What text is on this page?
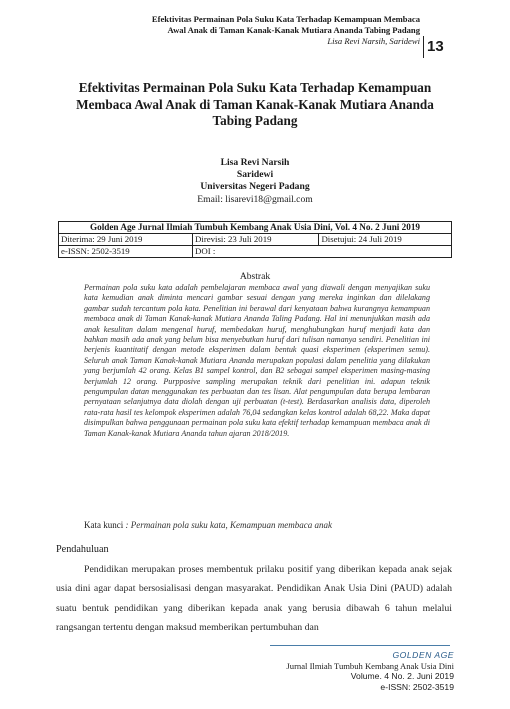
Efektivitas Permainan Pola Suku Kata Terhadap Kemampuan Membaca
Awal Anak di Taman Kanak-Kanak Mutiara Ananda Tabing Padang
Lisa Revi Narsih, Saridewi 13
Efektivitas Permainan Pola Suku Kata Terhadap Kemampuan Membaca Awal Anak di Taman Kanak-Kanak Mutiara Ananda Tabing Padang
Lisa Revi Narsih
Saridewi
Universitas Negeri Padang
Email: lisarevi18@gmail.com
Golden Age Jurnal Ilmiah Tumbuh Kembang Anak Usia Dini, Vol. 4 No. 2 Juni 2019		
Diterima: 29 Juni 2019	Direvisi: 23 Juli 2019	Disetujui: 24 Juli 2019
e-ISSN: 2502-3519	DOI :	
Abstrak

Permainan pola suku kata adalah pembelajaran membaca awal yang diawali dengan menyajikan suku kata kemudian anak diminta mencari gambar sesuai dengan yang mereka inginkan dan dilelakang gambar sudah tercantum pola kata. Penelitian ini berawal dari kenyataan bahwa kurangnya kemampuan membaca anak di Taman Kanak-kanak Mutiara Ananda Taling Padang. Hal ini menunjukkan masih ada anak kesulitan dalam mengenal huruf, membedakan huruf, menghubungkan huruf menjadi kata dan bahkan masih ada anak yang belum bisa menyebutkan huruf dari tulisan namanya sendiri. Penelitian ini berjenis kuantitatif dengan metode eksperimen dalam bentuk quasi eksperimen (eksperimen semu). Seluruh anak Taman Kanak-kanak Mutiara Ananda merupakan populasi dalam penelitia yang dilakukan yang berjumlah 42 orang. Kelas B1 sampel kontrol, dan B2 sebagai sampel eksperimen masing-masing berjumlah 12 orang. Purpposive sampling merupakan teknik dari penelitian ini. adapun teknik pengumpulan datan menggunakan tes perbuatan dan tes lisan. Alat pengumpulan data berupa lembaran pernyataan selanjutnya data diolah dengan uji perbuatan (t-test). Berdasarkan analisis data, diperoleh rata-rata hasil tes kelompok eksperimen adalah 76,04 sedangkan kelas kontrol adalah 68,22. Maka dapat disimpulkan bahwa penggunaan permainan pola suku kata efektif terhadap kemampuan membaca anak di Taman Kanak-kanak Mutiara Ananda tahun ajaran 2018/2019.

Kata kunci : Permainan pola suku kata, Kemampuan membaca anak
Pendahuluan

Pendidikan merupakan proses membentuk prilaku positif yang diberikan kepada anak sejak usia dini agar dapat bersosialisasi dengan masyarakat. Pendidikan Anak Usia Dini (PAUD) adalah suatu bentuk pendidikan yang diberikan kepada anak yang berusia dibawah 6 tahun melalui rangsangan tertentu dengan maksud memberikan pertumbuhan dan

GOLDEN AGE
Jurnal Ilmiah Tumbuh Kembang Anak Usia Dini
Volume. 4 No. 2. Juni 2019
e-ISSN: 2502-3519
